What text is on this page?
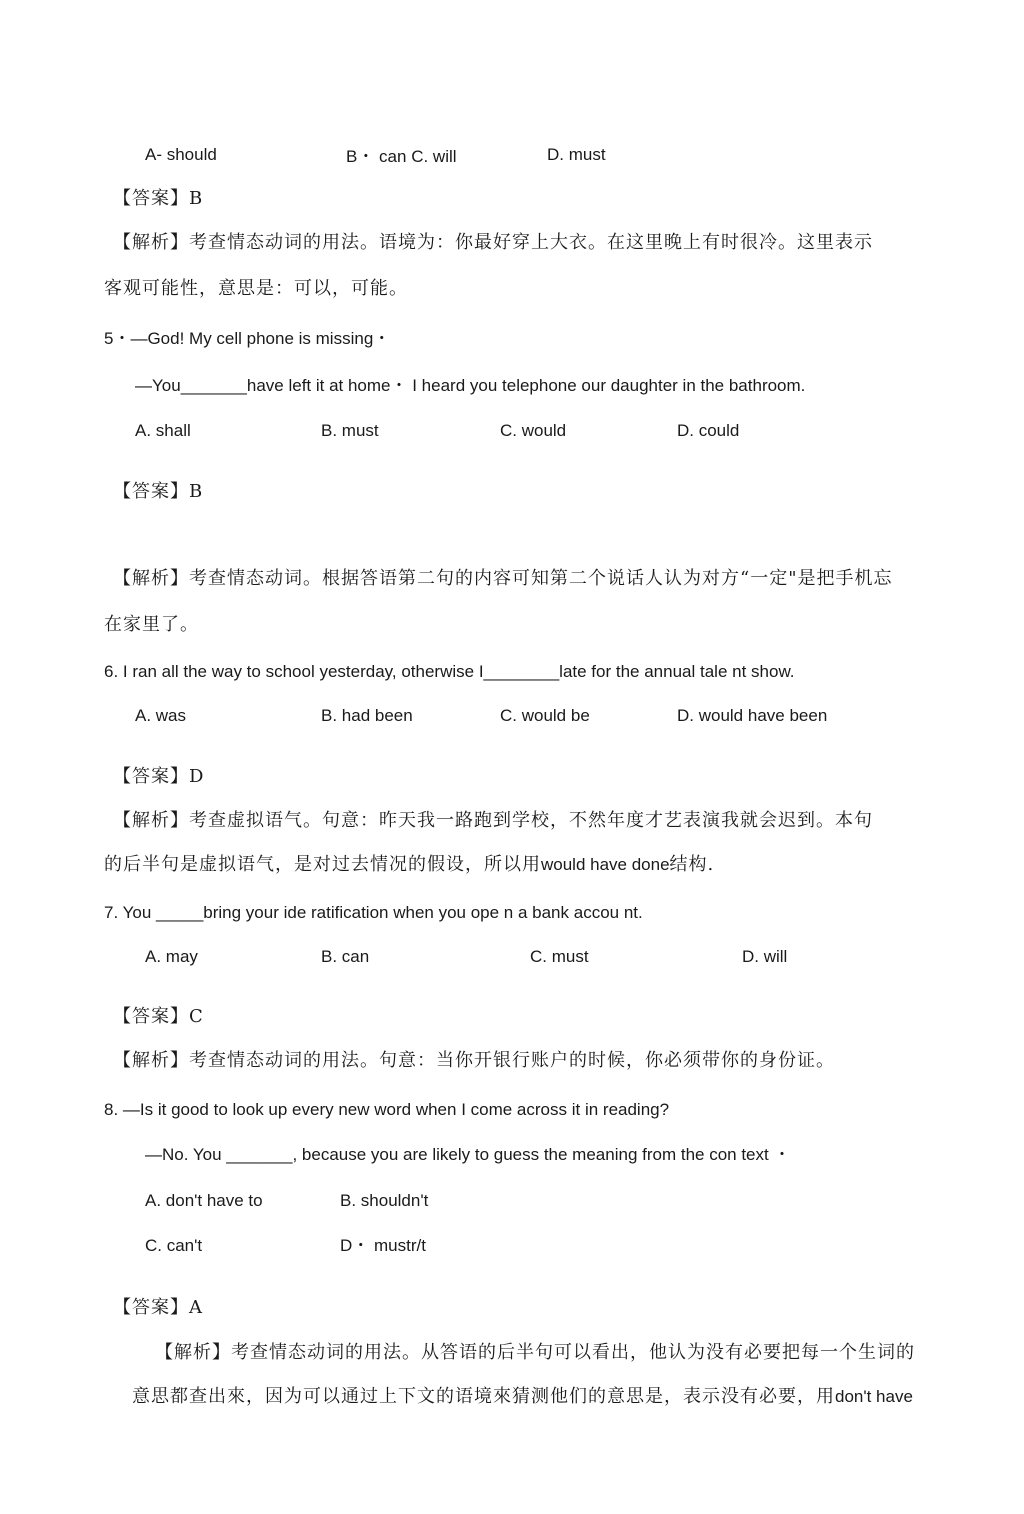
A- should	B・ can C. will	D. must
【答案】B
【解析】考查情态动词的用法。语境为：你最好穿上大衣。在这里晚上有时很冷。这里表示
客观可能性，意思是：可以，可能。
5・—God! My cell phone is missing・
—You_______have left it at home・ I heard you telephone our daughter in the bathroom.
A. shall	B. must	C. would	D. could
【答案】B
【解析】考查情态动词。根据答语第二句的内容可知第二个说话人认为对方“一定"是把手机忘
在家里了。
6. I ran all the way to school yesterday, otherwise I________late for the annual tale nt show.
A. was	B. had been	C. would be	D. would have been
【答案】D
【解析】考查虚拟语气。句意：昨天我一路跑到学校，不然年度才艺表演我就会迟到。本句
的后半句是虚拟语气，是对过去情况的假设，所以用would have done结构.
7. You _____bring your ide ratification when you ope n a bank accou nt.
A. may	B. can	C. must	D. will
【答案】C
【解析】考查情态动词的用法。句意：当你开银行账户的时候，你必须带你的身份证。
8. —Is it good to look up every new word when I come across it in reading?
—No. You _______, because you are likely to guess the meaning from the con text ・
A. don't have to	B. shouldn't
C. can't	D・ mustr/t
【答案】A
【解析】考查情态动词的用法。从答语的后半句可以看出，他认为没有必要把每一个生词的
意思都查出來，因为可以通过上下文的语境來猜测他们的意思是，表示没有必要，用don't have
